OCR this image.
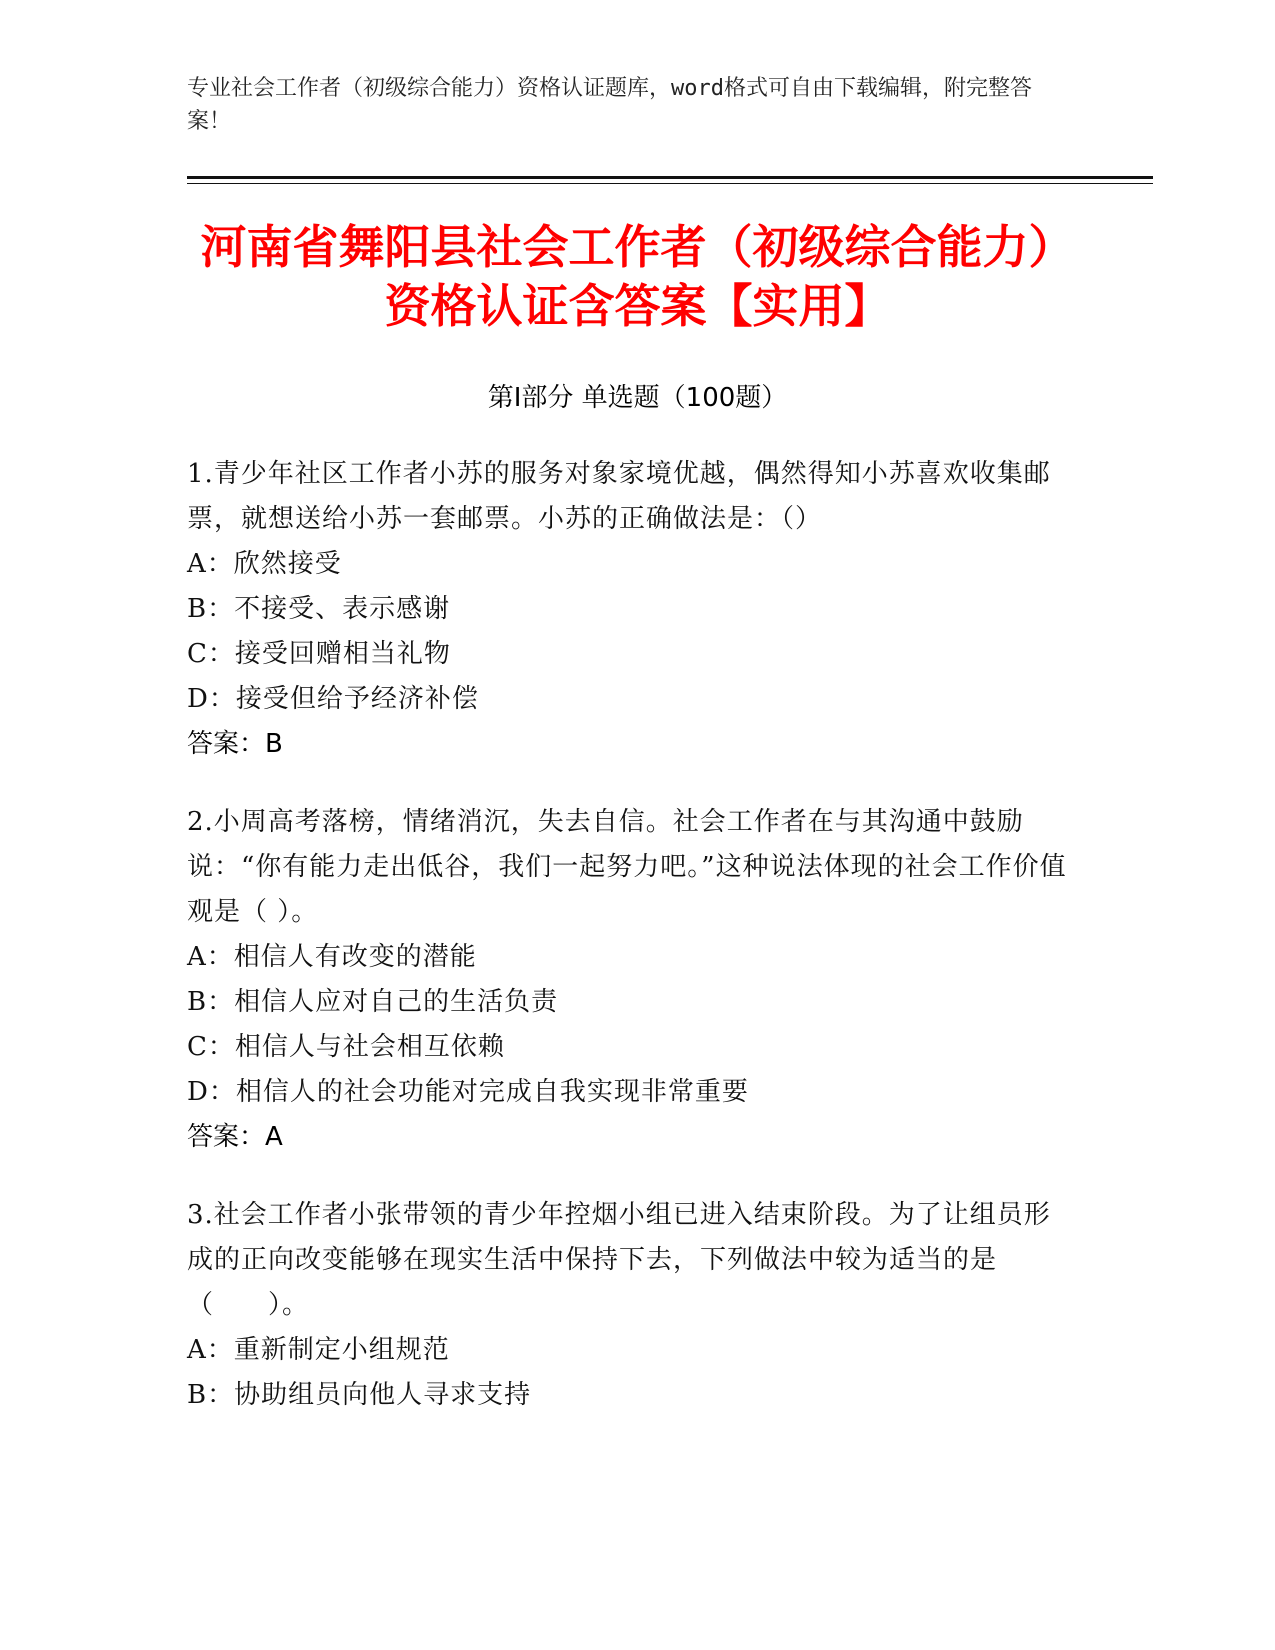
专业社会工作者（初级综合能力）资格认证题库，word格式可自由下载编辑，附完整答案！
河南省舞阳县社会工作者（初级综合能力）
资格认证含答案【实用】
第Ⅰ部分 单选题（100题）
1.青少年社区工作者小苏的服务对象家境优越，偶然得知小苏喜欢收集邮票，就想送给小苏一套邮票。小苏的正确做法是：（）
A：欣然接受
B：不接受、表示感谢
C：接受回赠相当礼物
D：接受但给予经济补偿
答案：B
2.小周高考落榜，情绪消沉，失去自信。社会工作者在与其沟通中鼓励说：“你有能力走出低谷，我们一起努力吧。”这种说法体现的社会工作价值观是（ ）。
A：相信人有改变的潜能
B：相信人应对自己的生活负责
C：相信人与社会相互依赖
D：相信人的社会功能对完成自我实现非常重要
答案：A
3.社会工作者小张带领的青少年控烟小组已进入结束阶段。为了让组员形成的正向改变能够在现实生活中保持下去，下列做法中较为适当的是（　　）。
A：重新制定小组规范
B：协助组员向他人寻求支持
